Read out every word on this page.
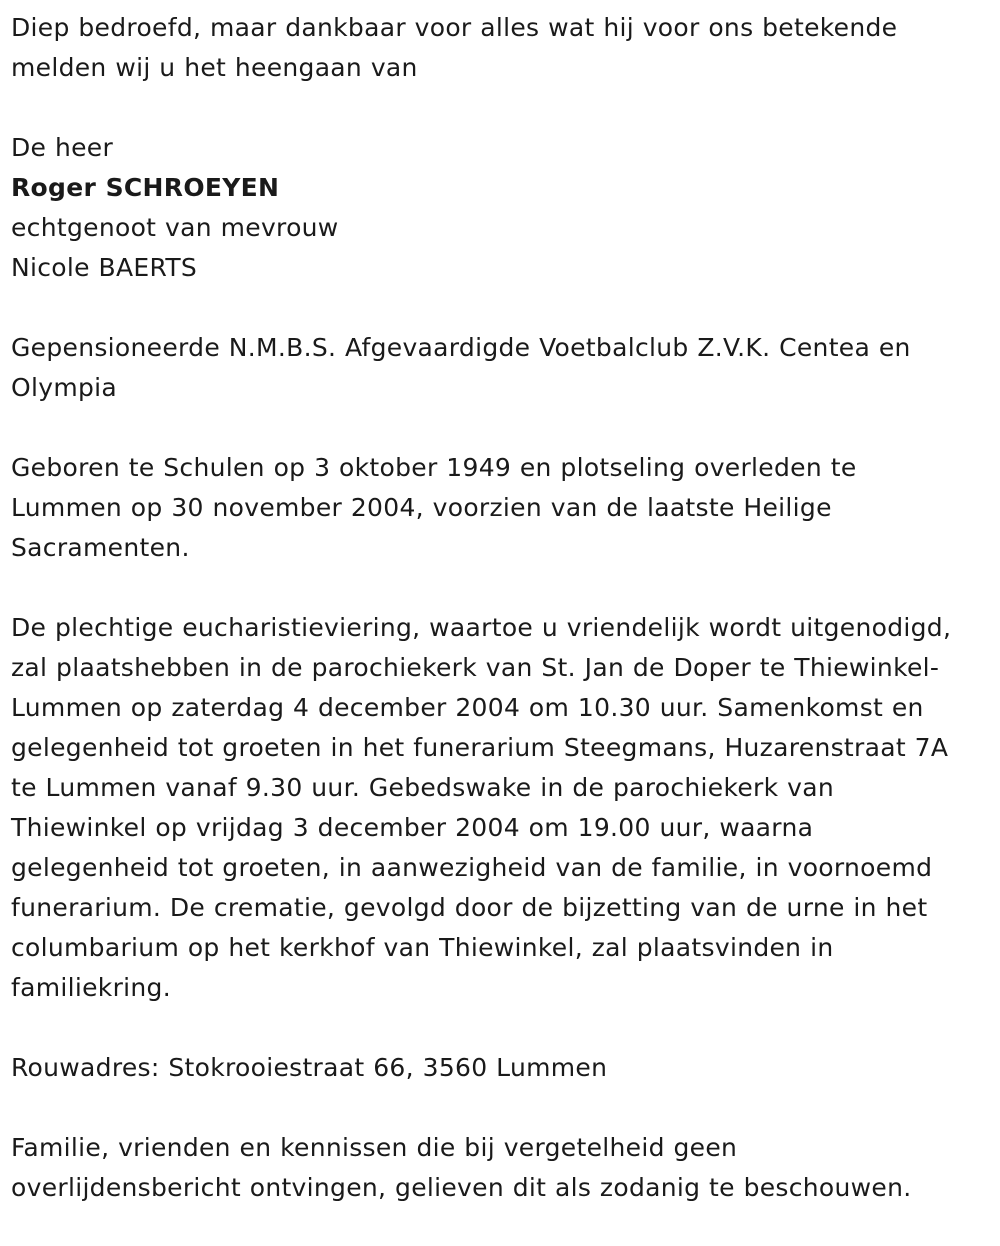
Diep bedroefd, maar dankbaar voor alles wat hij voor ons betekende melden wij u het heengaan van

De heer

Roger SCHROEYEN

echtgenoot van mevrouw

Nicole BAERTS

Gepensioneerde N.M.B.S. Afgevaardigde Voetbalclub Z.V.K. Centea en Olympia

Geboren te Schulen op 3 oktober 1949 en plotseling overleden te Lummen op 30 november 2004, voorzien van de laatste Heilige Sacramenten.

De plechtige eucharistieviering, waartoe u vriendelijk wordt uitgenodigd, zal plaatshebben in de parochiekerk van St. Jan de Doper te Thiewinkel-Lummen op zaterdag 4 december 2004 om 10.30 uur. Samenkomst en gelegenheid tot groeten in het funerarium Steegmans, Huzarenstraat 7A te Lummen vanaf 9.30 uur. Gebedswake in de parochiekerk van Thiewinkel op vrijdag 3 december 2004 om 19.00 uur, waarna gelegenheid tot groeten, in aanwezigheid van de familie, in voornoemd funerarium. De crematie, gevolgd door de bijzetting van de urne in het columbarium op het kerkhof van Thiewinkel, zal plaatsvinden in familiekring.

Rouwadres: Stokrooiestraat 66, 3560 Lummen

Familie, vrienden en kennissen die bij vergetelheid geen overlijdensbericht ontvingen, gelieven dit als zodanig te beschouwen.
